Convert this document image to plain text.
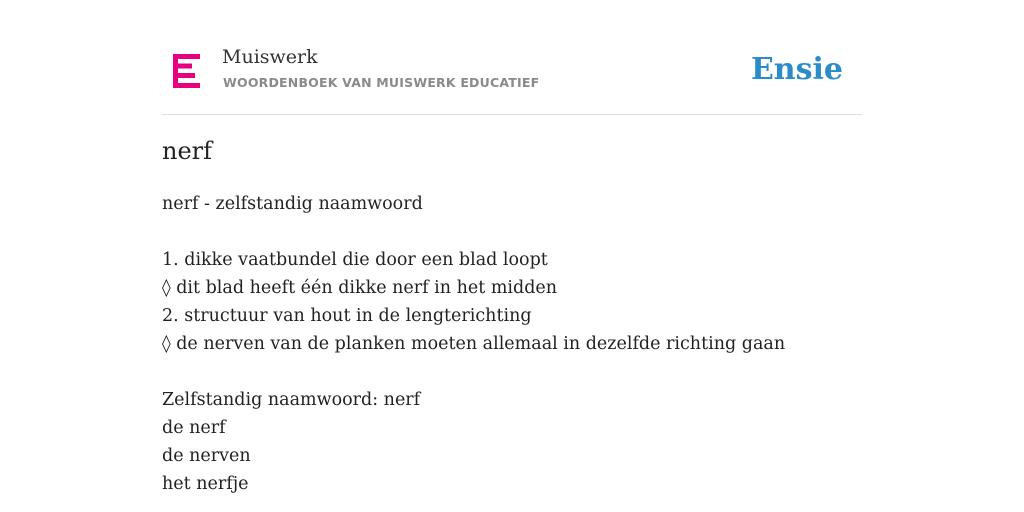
Muiswerk
WOORDENBOEK VAN MUISWERK EDUCATIEF	Ensie
nerf
nerf - zelfstandig naamwoord
1. dikke vaatbundel die door een blad loopt
◊ dit blad heeft één dikke nerf in het midden
2. structuur van hout in de lengterichting
◊ de nerven van de planken moeten allemaal in dezelfde richting gaan
Zelfstandig naamwoord: nerf
de nerf
de nerven
het nerfje
